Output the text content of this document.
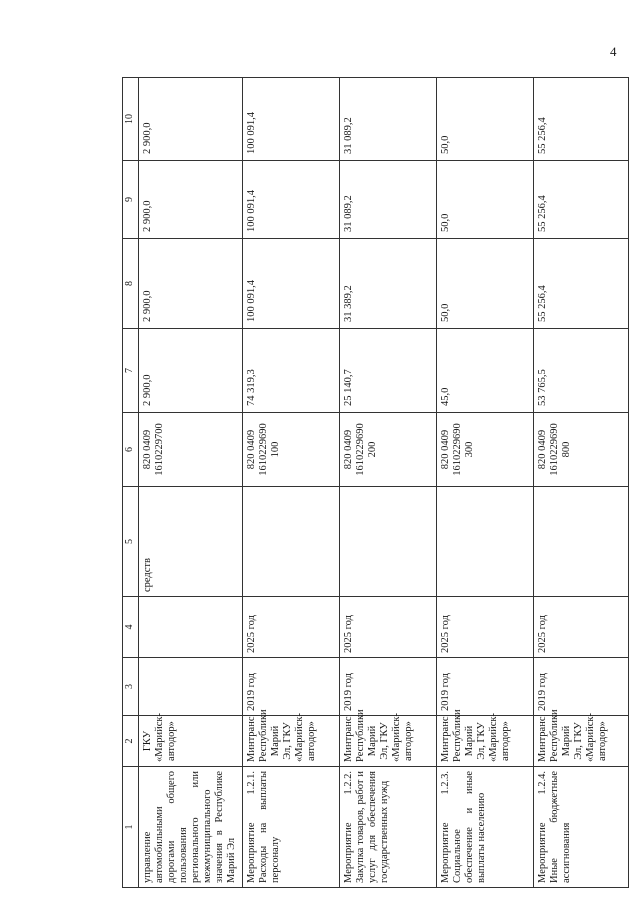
4
1	2	3	4	5	6	7	8	9	10
управление автомобильными дорогами общего пользования регионального или межмуниципального значения в Республике Марий Эл	ГКУ «Марийск-автодор»			средств	820 0409 1610229700	2 900,0	2 900,0	2 900,0	2 900,0
Мероприятие 1.2.1. Расходы на выплаты персоналу	Минтранс Республики Марий Эл, ГКУ «Марийск-автодор»	2019 год	2025 год		820 0409 1610229690 100	74 319,3	100 091,4	100 091,4	100 091,4
Мероприятие 1.2.2. Закупка товаров, работ и услуг для обеспечения государственных нужд	Минтранс Республики Марий Эл, ГКУ «Марийск-автодор»	2019 год	2025 год		820 0409 1610229690 200	25 140,7	31 389,2	31 089,2	31 089,2
Мероприятие 1.2.3. Социальное обеспечение и иные выплаты населению	Минтранс Республики Марий Эл, ГКУ «Марийск-автодор»	2019 год	2025 год		820 0409 1610229690 300	45,0	50,0	50,0	50,0
Мероприятие 1.2.4. Иные бюджетные ассигнования	Минтранс Республики Марий Эл, ГКУ «Марийск-автодор»	2019 год	2025 год		820 0409 1610229690 800	53 765,5	55 256,4	55 256,4	55 256,4
